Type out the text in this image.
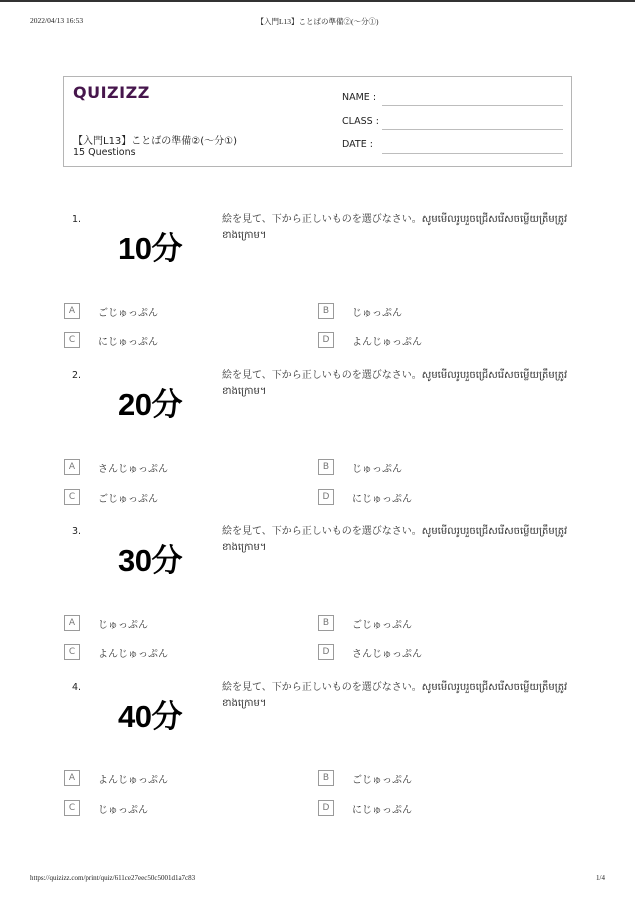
2022/04/13 16:53	【入門L13】ことばの準備②(〜分①)
QUIZIZZ
【入門L13】ことばの準備②(〜分①)
15 Questions
NAME :
CLASS :
DATE :
1.
10分
絵を見て、下から正しいものを選びなさい。សូមមើលរូបរួចជ្រើសរើសចម្លើយត្រឹមត្រូវខាងក្រោម។
A	ごじゅっぷん	B	じゅっぷん
C	にじゅっぷん	D	よんじゅっぷん
2.
20分
絵を見て、下から正しいものを選びなさい。សូមមើលរូបរួចជ្រើសរើសចម្លើយត្រឹមត្រូវខាងក្រោម។
A	さんじゅっぷん	B	じゅっぷん
C	ごじゅっぷん	D	にじゅっぷん
3.
30分
絵を見て、下から正しいものを選びなさい。សូមមើលរូបរួចជ្រើសរើសចម្លើយត្រឹមត្រូវខាងក្រោម។
A	じゅっぷん	B	ごじゅっぷん
C	よんじゅっぷん	D	さんじゅっぷん
4.
40分
絵を見て、下から正しいものを選びなさい。សូមមើលរូបរួចជ្រើសរើសចម្លើយត្រឹមត្រូវខាងក្រោម។
A	よんじゅっぷん	B	ごじゅっぷん
C	じゅっぷん	D	にじゅっぷん
https://quizizz.com/print/quiz/611ce27eec50c5001d1a7c83	1/4
